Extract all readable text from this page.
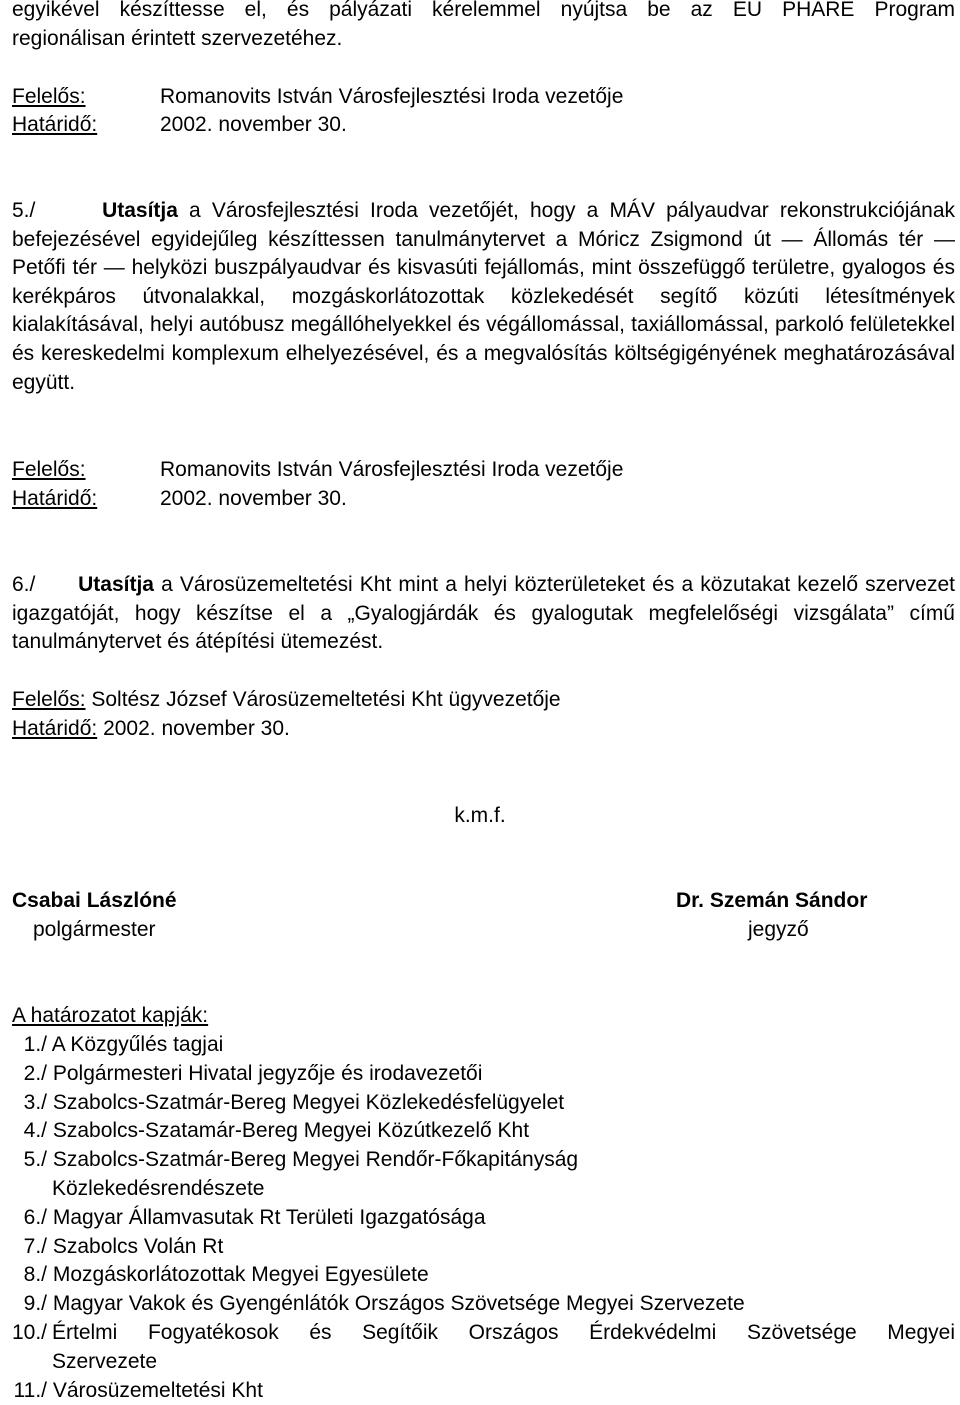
egyikével készíttesse el, és pályázati kérelemmel nyújtsa be az EU PHARE Program
regionálisan érintett szervezetéhez.
Felelős:	Romanovits István Városfejlesztési Iroda vezetője
Határidő:	2002. november 30.
5./	Utasítja a Városfejlesztési Iroda vezetőjét, hogy a MÁV pályaudvar rekonstrukciójának befejezésével egyidejűleg készíttessen tanulmánytervet a Móricz Zsigmond út — Állomás tér — Petőfi tér — helyközi buszpályaudvar és kisvasúti fejállomás, mint összefüggő területre, gyalogos és kerékpáros útvonalakkal, mozgáskorlátozottak közlekedését segítő közúti létesítmények kialakításával, helyi autóbusz megállóhelyekkel és végállomással, taxiállomással, parkoló felületekkel és kereskedelmi komplexum elhelyezésével, és a megvalósítás költségigényének meghatározásával együtt.
Felelős:	Romanovits István Városfejlesztési Iroda vezetője
Határidő:	2002. november 30.
6./ Utasítja a Városüzemeltetési Kht mint a helyi közterületeket és a közutakat kezelő szervezet igazgatóját, hogy készítse el a „Gyalogjárdák és gyalogutak megfelelőségi vizsgálata” című tanulmánytervet és átépítési ütemezést.
Felelős: Soltész József Városüzemeltetési Kht ügyvezetője
Határidő: 2002. november 30.
k.m.f.
Csabai Lászlóné
polgármester
Dr. Szemán Sándor
jegyző
A határozatot kapják:
1./ A Közgyűlés tagjai
2./ Polgármesteri Hivatal jegyzője és irodavezetői
3./ Szabolcs-Szatmár-Bereg Megyei Közlekedésfelügyelet
4./ Szabolcs-Szatamár-Bereg Megyei Közútkezelő Kht
5./ Szabolcs-Szatmár-Bereg Megyei Rendőr-Főkapitányság
Közlekedésrendészete
6./ Magyar Államvasutak Rt Területi Igazgatósága
7./ Szabolcs Volán Rt
8./ Mozgáskorlátozottak Megyei Egyesülete
9./ Magyar Vakok és Gyengénlátók Országos Szövetsége Megyei Szervezete
10./ Értelmi Fogyatékosok és Segítőik Országos Érdekvédelmi Szövetsége Megyei
Szervezete
11./ Városüzemeltetési Kht
